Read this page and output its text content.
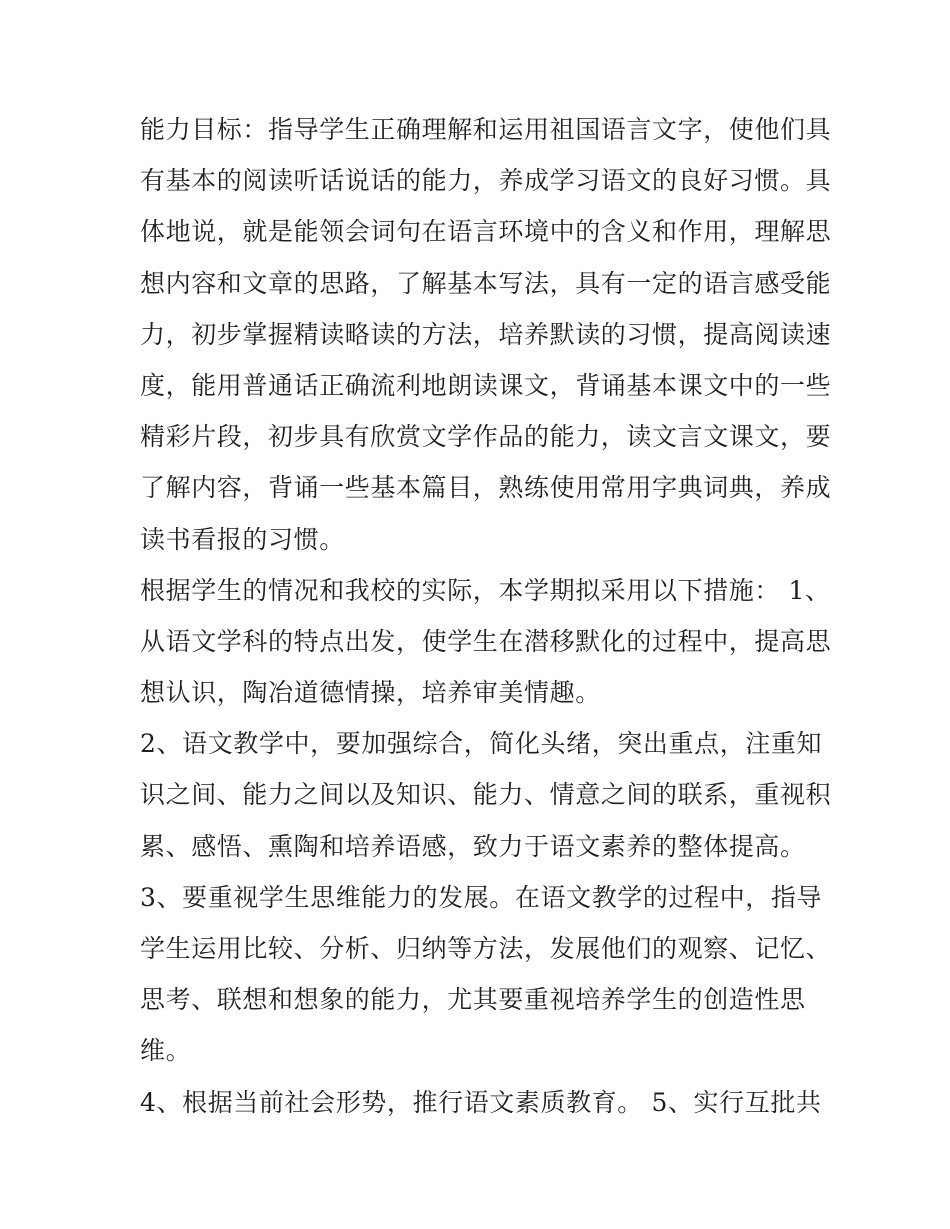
能力目标：指导学生正确理解和运用祖国语言文字，使他们具
有基本的阅读听话说话的能力，养成学习语文的良好习惯。具
体地说，就是能领会词句在语言环境中的含义和作用，理解思
想内容和文章的思路，了解基本写法，具有一定的语言感受能
力，初步掌握精读略读的方法，培养默读的习惯，提高阅读速
度，能用普通话正确流利地朗读课文，背诵基本课文中的一些
精彩片段，初步具有欣赏文学作品的能力，读文言文课文，要
了解内容，背诵一些基本篇目，熟练使用常用字典词典，养成
读书看报的习惯。
根据学生的情况和我校的实际，本学期拟采用以下措施： 1、
从语文学科的特点出发，使学生在潜移默化的过程中，提高思
想认识，陶冶道德情操，培养审美情趣。
2、语文教学中，要加强综合，简化头绪，突出重点，注重知
识之间、能力之间以及知识、能力、情意之间的联系，重视积
累、感悟、熏陶和培养语感，致力于语文素养的整体提高。
3、要重视学生思维能力的发展。在语文教学的过程中，指导
学生运用比较、分析、归纳等方法，发展他们的观察、记忆、
思考、联想和想象的能力，尤其要重视培养学生的创造性思
维。
4、根据当前社会形势，推行语文素质教育。 5、实行互批共
